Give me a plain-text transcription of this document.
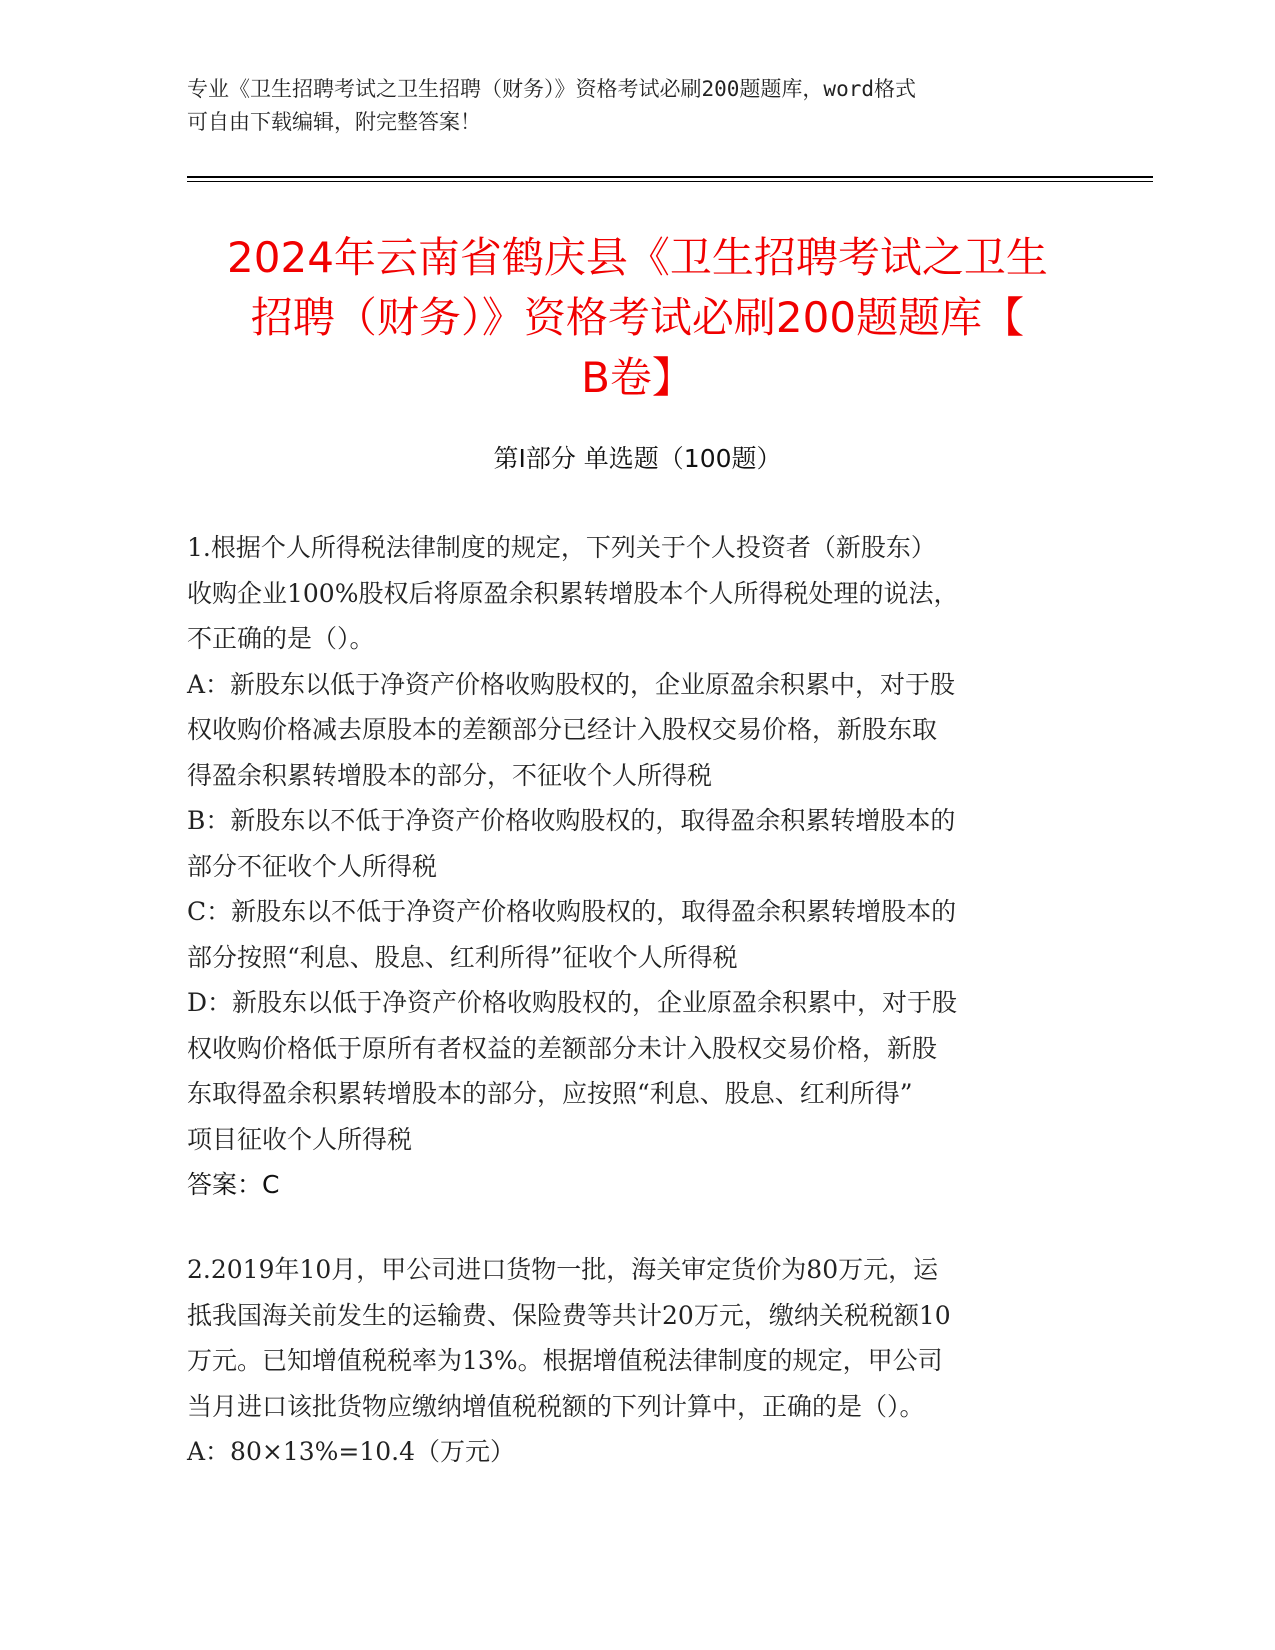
专业《卫生招聘考试之卫生招聘（财务）》资格考试必刷200题题库，word格式
可自由下载编辑，附完整答案！
2024年云南省鹤庆县《卫生招聘考试之卫生
招聘（财务）》资格考试必刷200题题库【
B卷】
第Ⅰ部分 单选题（100题）

1.根据个人所得税法律制度的规定，下列关于个人投资者（新股东）

收购企业100%股权后将原盈余积累转增股本个人所得税处理的说法，

不正确的是（）。

A：新股东以低于净资产价格收购股权的，企业原盈余积累中，对于股

权收购价格减去原股本的差额部分已经计入股权交易价格，新股东取

得盈余积累转增股本的部分，不征收个人所得税

B：新股东以不低于净资产价格收购股权的，取得盈余积累转增股本的

部分不征收个人所得税

C：新股东以不低于净资产价格收购股权的，取得盈余积累转增股本的

部分按照“利息、股息、红利所得”征收个人所得税

D：新股东以低于净资产价格收购股权的，企业原盈余积累中，对于股

权收购价格低于原所有者权益的差额部分未计入股权交易价格，新股

东取得盈余积累转增股本的部分，应按照“利息、股息、红利所得”

项目征收个人所得税

答案：C

2.2019年10月，甲公司进口货物一批，海关审定货价为80万元，运

抵我国海关前发生的运输费、保险费等共计20万元，缴纳关税税额10

万元。已知增值税税率为13%。根据增值税法律制度的规定，甲公司

当月进口该批货物应缴纳增值税税额的下列计算中，正确的是（）。

A：80×13%=10.4（万元）
